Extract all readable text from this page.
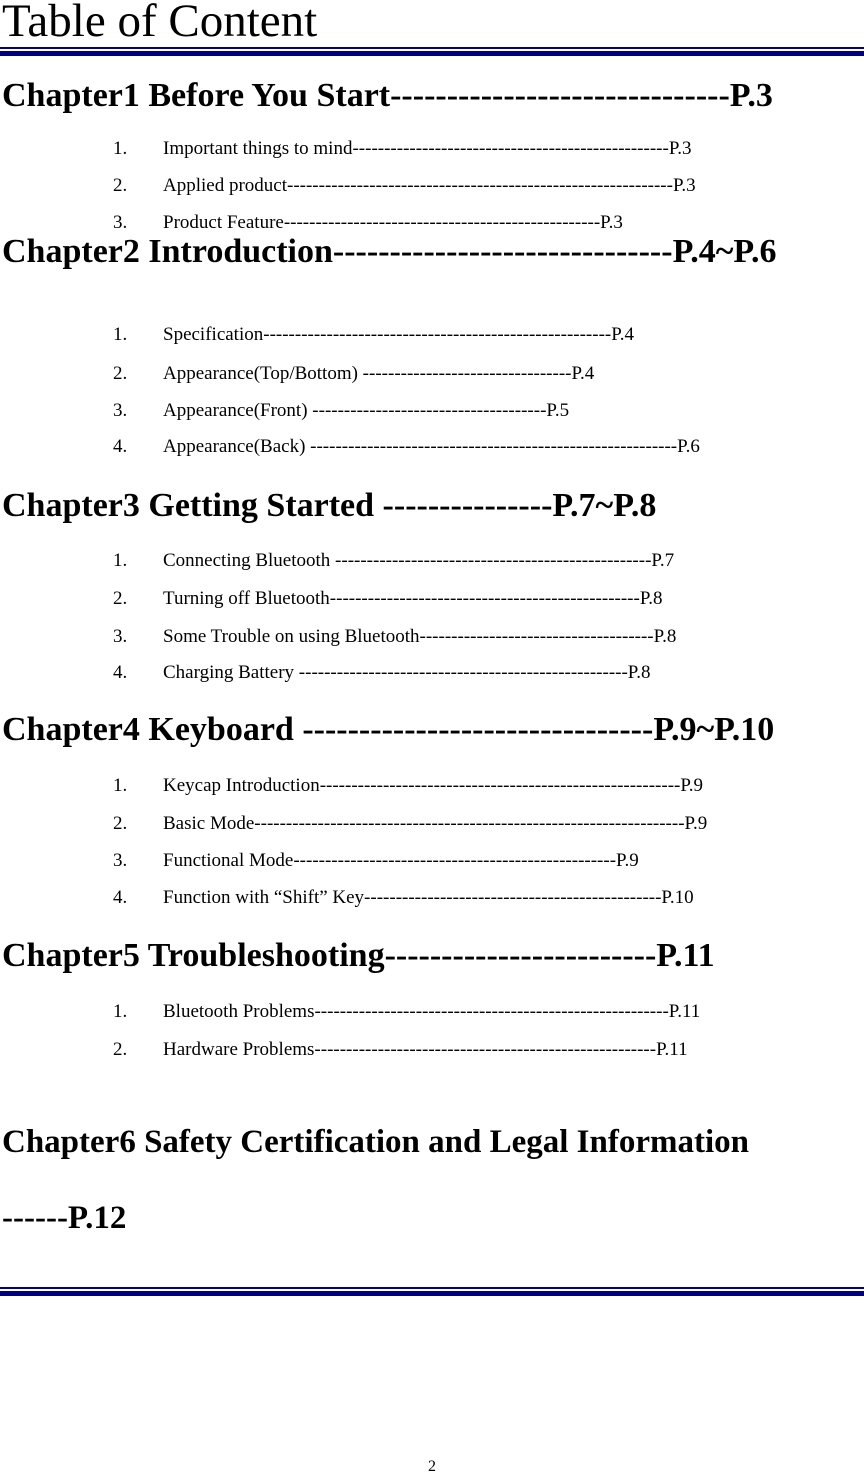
Table of Content
Chapter1 Before You Start------------------------------P.3
1. Important things to mind--------------------------------------------------P.3
2. Applied product-------------------------------------------------------------P.3
3. Product Feature--------------------------------------------------P.3
Chapter2 Introduction------------------------------P.4~P.6
1. Specification-------------------------------------------------------P.4
2. Appearance(Top/Bottom) ---------------------------------P.4
3. Appearance(Front) -------------------------------------P.5
4. Appearance(Back) ----------------------------------------------------------P.6
Chapter3 Getting Started ---------------P.7~P.8
1. Connecting Bluetooth --------------------------------------------------P.7
2. Turning off Bluetooth-------------------------------------------------P.8
3. Some Trouble on using Bluetooth-------------------------------------P.8
4. Charging Battery ----------------------------------------------------P.8
Chapter4 Keyboard -------------------------------P.9~P.10
1. Keycap Introduction---------------------------------------------------------P.9
2. Basic Mode--------------------------------------------------------------------P.9
3. Functional Mode---------------------------------------------------P.9
4. Function with “Shift” Key-----------------------------------------------P.10
Chapter5 Troubleshooting------------------------P.11
1. Bluetooth Problems--------------------------------------------------------P.11
2. Hardware Problems------------------------------------------------------P.11
Chapter6 Safety Certification and Legal Information
------P.12
2
